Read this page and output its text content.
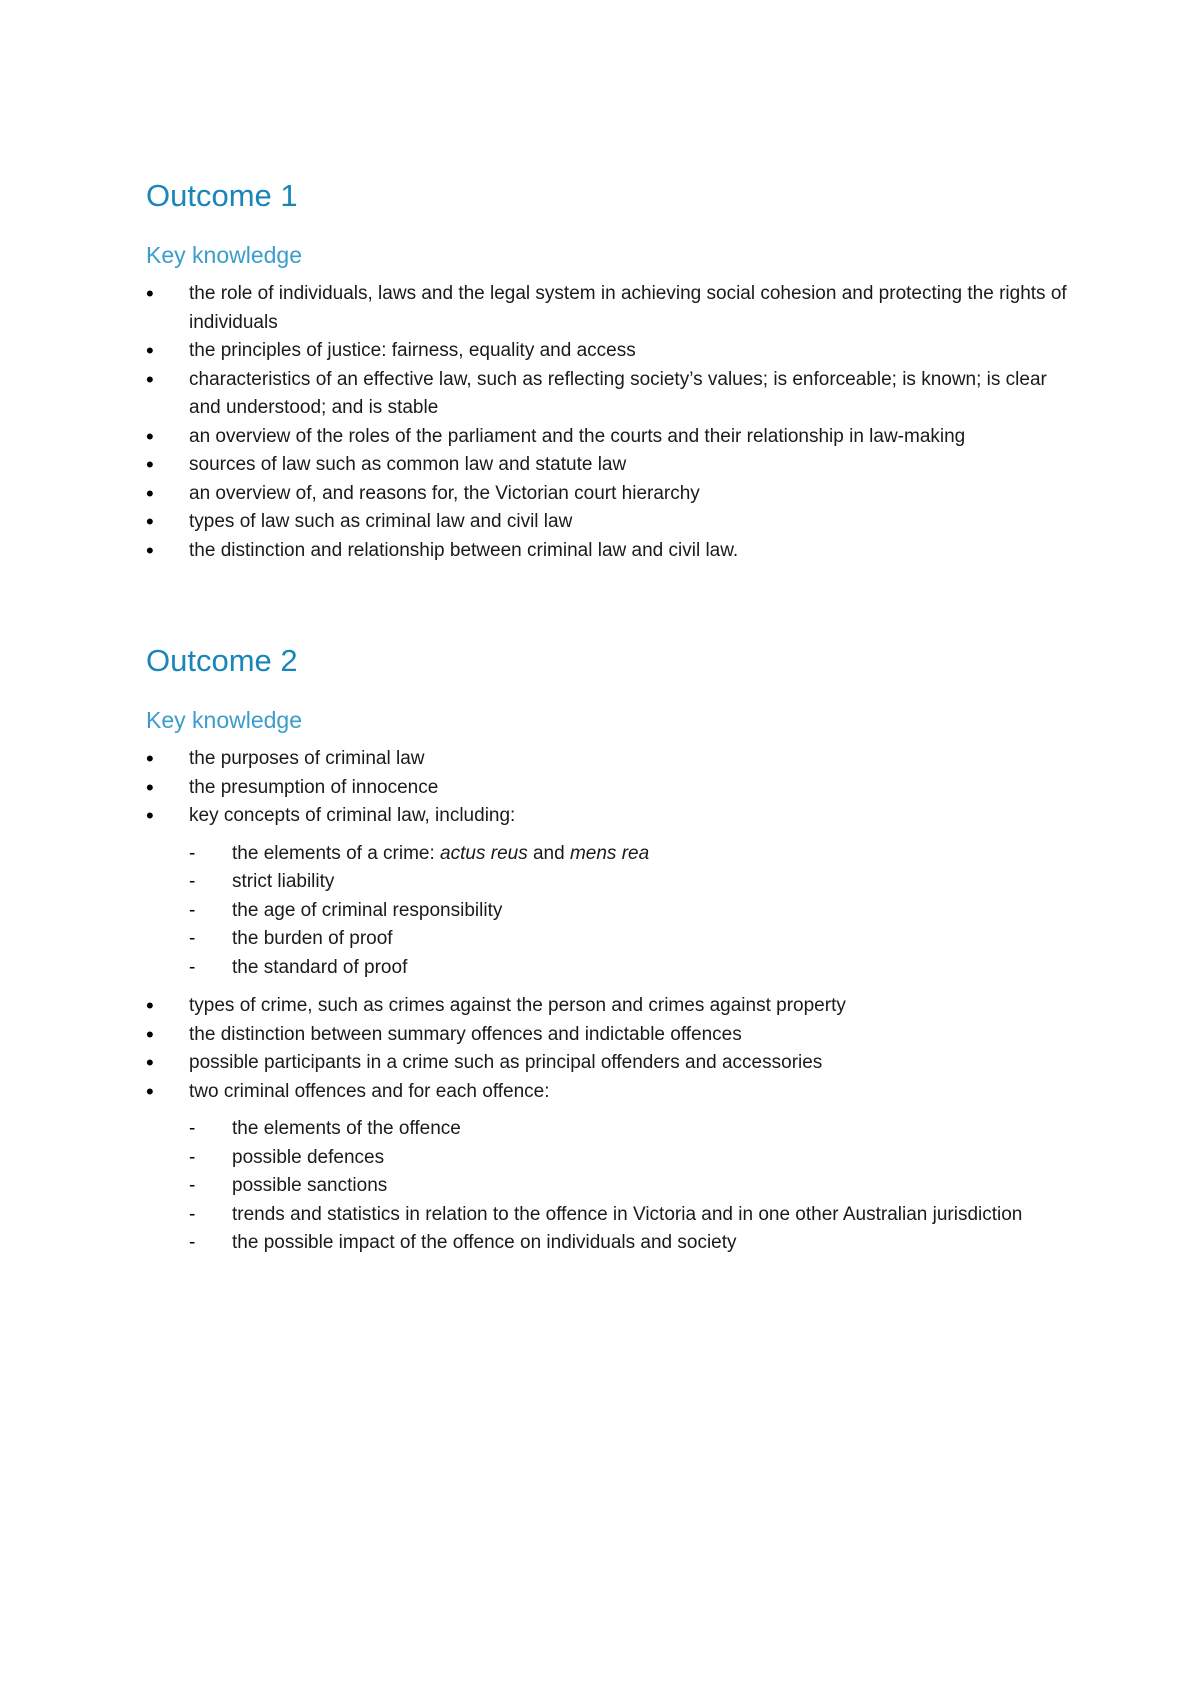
Outcome 1
Key knowledge
• the role of individuals, laws and the legal system in achieving social cohesion and protecting the rights of individuals
• the principles of justice: fairness, equality and access
• characteristics of an effective law, such as reflecting society’s values; is enforceable; is known; is clear and understood; and is stable
• an overview of the roles of the parliament and the courts and their relationship in law-making
• sources of law such as common law and statute law
• an overview of, and reasons for, the Victorian court hierarchy
• types of law such as criminal law and civil law
• the distinction and relationship between criminal law and civil law.
Outcome 2
Key knowledge
• the purposes of criminal law
• the presumption of innocence
• key concepts of criminal law, including:
- the elements of a crime: actus reus and mens rea
- strict liability
- the age of criminal responsibility
- the burden of proof
- the standard of proof
• types of crime, such as crimes against the person and crimes against property
• the distinction between summary offences and indictable offences
• possible participants in a crime such as principal offenders and accessories
• two criminal offences and for each offence:
- the elements of the offence
- possible defences
- possible sanctions
- trends and statistics in relation to the offence in Victoria and in one other Australian jurisdiction
- the possible impact of the offence on individuals and society
